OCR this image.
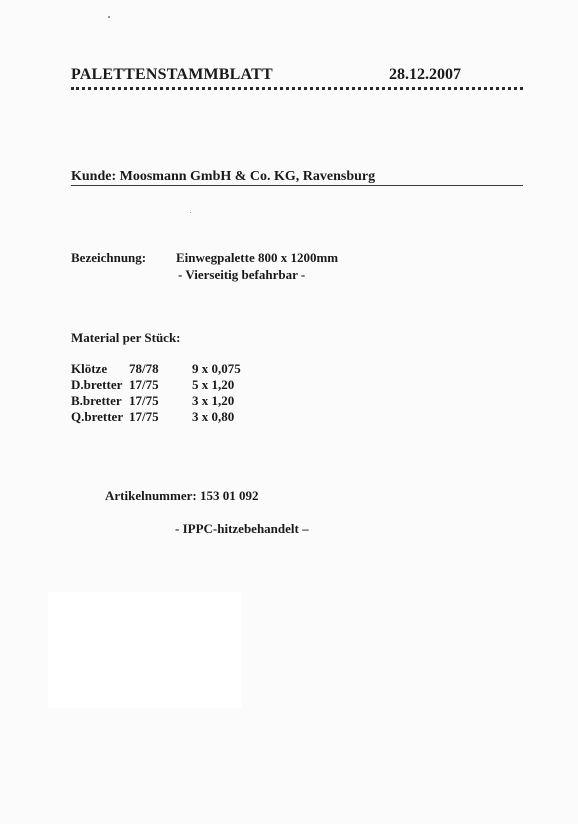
PALETTENSTAMMBLATT	28.12.2007
Kunde: Moosmann GmbH & Co. KG, Ravensburg
Bezeichnung: Einwegpalette 800 x 1200mm
- Vierseitig befahrbar -
Material per Stück:
Klötze 78/78	9 x 0,075
D.bretter 17/75	5 x 1,20
B.bretter 17/75	3 x 1,20
Q.bretter 17/75	3 x 0,80
Artikelnummer: 153 01 092
- IPPC-hitzebehandelt –
